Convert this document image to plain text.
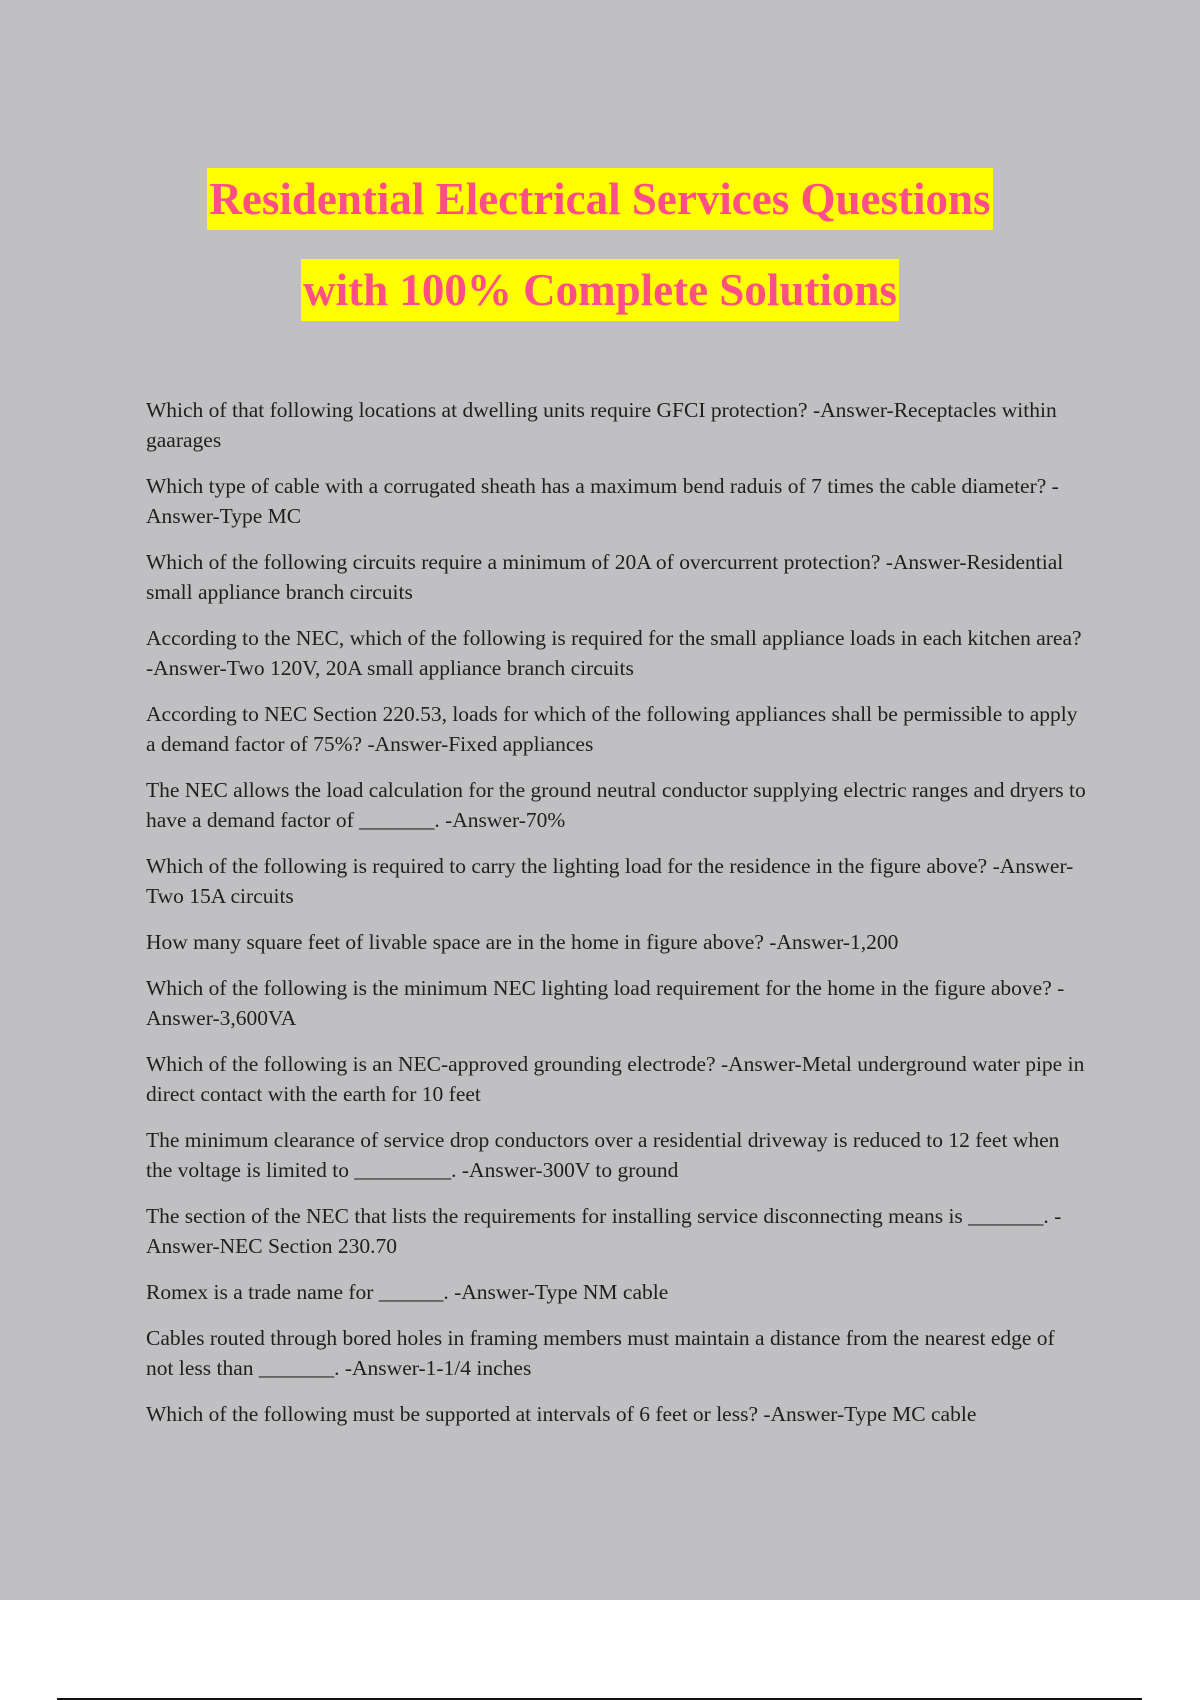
Residential Electrical Services Questions
with 100% Complete Solutions

Which of that following locations at dwelling units require GFCI protection? -Answer-Receptacles within gaarages

Which type of cable with a corrugated sheath has a maximum bend raduis of 7 times the cable diameter? -Answer-Type MC

Which of the following circuits require a minimum of 20A of overcurrent protection? -Answer-Residential small appliance branch circuits

According to the NEC, which of the following is required for the small appliance loads in each kitchen area? -Answer-Two 120V, 20A small appliance branch circuits

According to NEC Section 220.53, loads for which of the following appliances shall be permissible to apply a demand factor of 75%? -Answer-Fixed appliances

The NEC allows the load calculation for the ground neutral conductor supplying electric ranges and dryers to have a demand factor of _______. -Answer-70%

Which of the following is required to carry the lighting load for the residence in the figure above? -Answer-Two 15A circuits

How many square feet of livable space are in the home in figure above? -Answer-1,200

Which of the following is the minimum NEC lighting load requirement for the home in the figure above? -Answer-3,600VA

Which of the following is an NEC-approved grounding electrode? -Answer-Metal underground water pipe in direct contact with the earth for 10 feet

The minimum clearance of service drop conductors over a residential driveway is reduced to 12 feet when the voltage is limited to _________. -Answer-300V to ground

The section of the NEC that lists the requirements for installing service disconnecting means is _______. -Answer-NEC Section 230.70

Romex is a trade name for ______. -Answer-Type NM cable

Cables routed through bored holes in framing members must maintain a distance from the nearest edge of not less than _______. -Answer-1-1/4 inches

Which of the following must be supported at intervals of 6 feet or less? -Answer-Type MC cable
